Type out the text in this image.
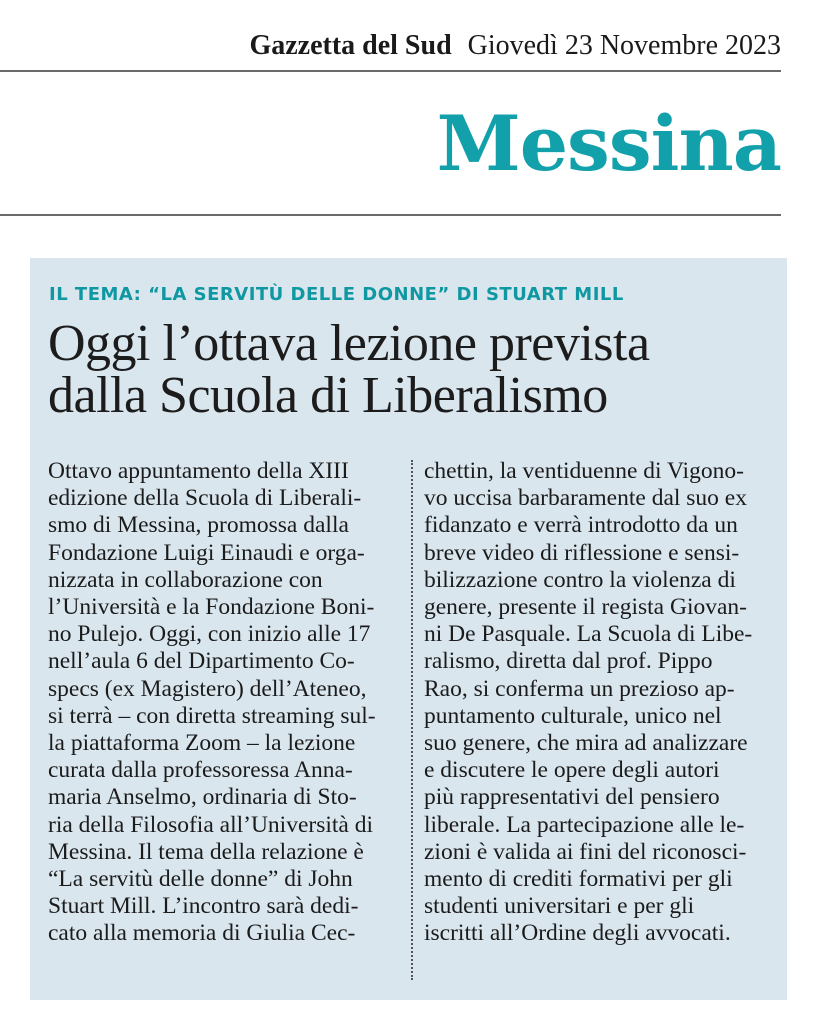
Gazzetta del Sud Giovedì 23 Novembre 2023
Messina
IL TEMA: “LA SERVITÙ DELLE DONNE” DI STUART MILL
Oggi l’ottava lezione prevista
dalla Scuola di Liberalismo
Ottavo appuntamento della XIII
edizione della Scuola di Liberali-
smo di Messina, promossa dalla
Fondazione Luigi Einaudi e orga-
nizzata in collaborazione con
l’Università e la Fondazione Boni-
no Pulejo. Oggi, con inizio alle 17
nell’aula 6 del Dipartimento Co-
specs (ex Magistero) dell’Ateneo,
si terrà – con diretta streaming sul-
la piattaforma Zoom – la lezione
curata dalla professoressa Anna-
maria Anselmo, ordinaria di Sto-
ria della Filosofia all’Università di
Messina. Il tema della relazione è
“La servitù delle donne” di John
Stuart Mill. L’incontro sarà dedi-
cato alla memoria di Giulia Cec-
chettin, la ventiduenne di Vigono-
vo uccisa barbaramente dal suo ex
fidanzato e verrà introdotto da un
breve video di riflessione e sensi-
bilizzazione contro la violenza di
genere, presente il regista Giovan-
ni De Pasquale. La Scuola di Libe-
ralismo, diretta dal prof. Pippo
Rao, si conferma un prezioso ap-
puntamento culturale, unico nel
suo genere, che mira ad analizzare
e discutere le opere degli autori
più rappresentativi del pensiero
liberale. La partecipazione alle le-
zioni è valida ai fini del riconosci-
mento di crediti formativi per gli
studenti universitari e per gli
iscritti all’Ordine degli avvocati.
